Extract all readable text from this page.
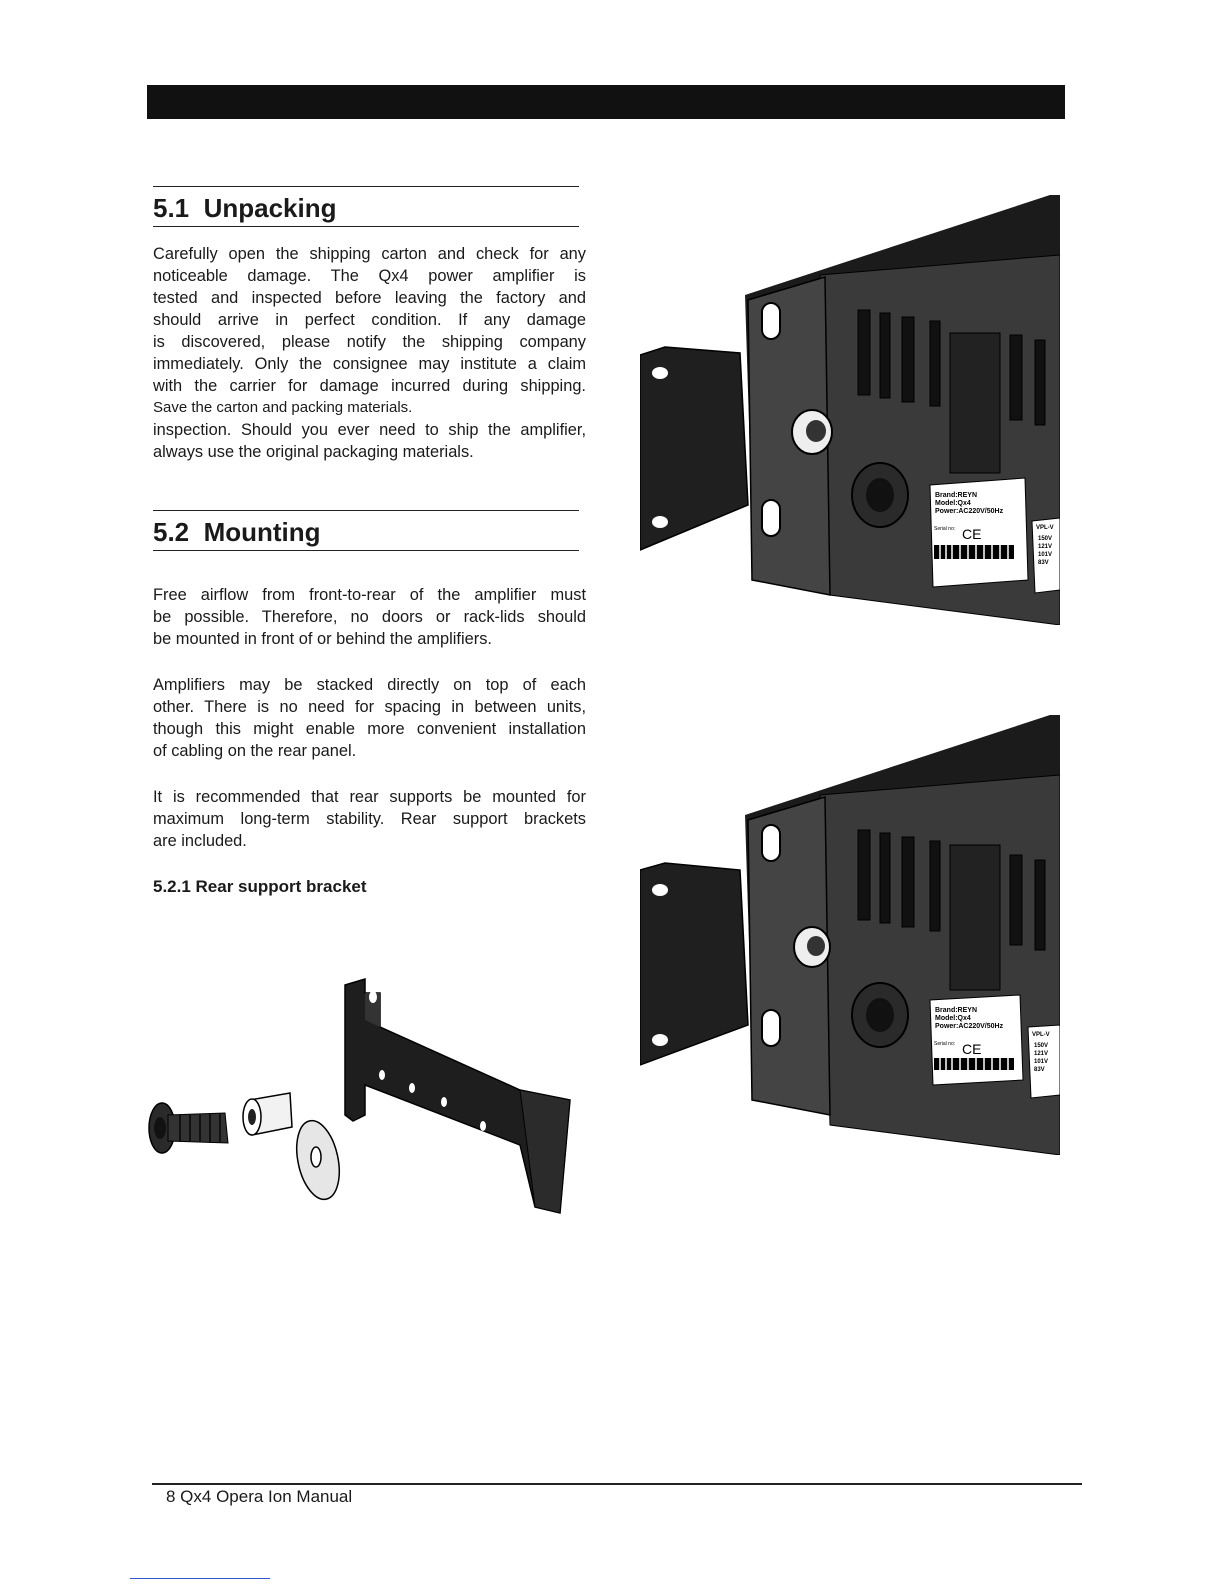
5.1  Unpacking
Carefully open the shipping carton and check for any
noticeable damage. The Qx4 power amplifier is
tested and inspected before leaving the factory and
should arrive in perfect condition. If any damage
is discovered, please notify the shipping company
immediately. Only the consignee may institute a claim
with the carrier for damage incurred during shipping.
Save the carton and packing materials.
inspection. Should you ever need to ship the amplifier,
always use the original packaging materials.
5.2  Mounting
Free airflow from front-to-rear of the amplifier must
be possible. Therefore, no doors or rack-lids should
be mounted in front of or behind the amplifiers.
Amplifiers may be stacked directly on top of each
other. There is no need for spacing in between units,
though this might enable more convenient installation
of cabling on the rear panel.
It is recommended that rear supports be mounted for
maximum long-term stability. Rear support brackets
are included.
5.2.1 Rear support bracket
Brand:REYN
Model:Qx4
Power:AC220V/50Hz
Serial no: CE	VPL-V
150V
121V
101V
83V
Brand:REYN
Model:Qx4
Power:AC220V/50Hz
Serial no: CE
VPL-V
150V
121V
101V
83V
8 Qx4 Opera Ion Manual
